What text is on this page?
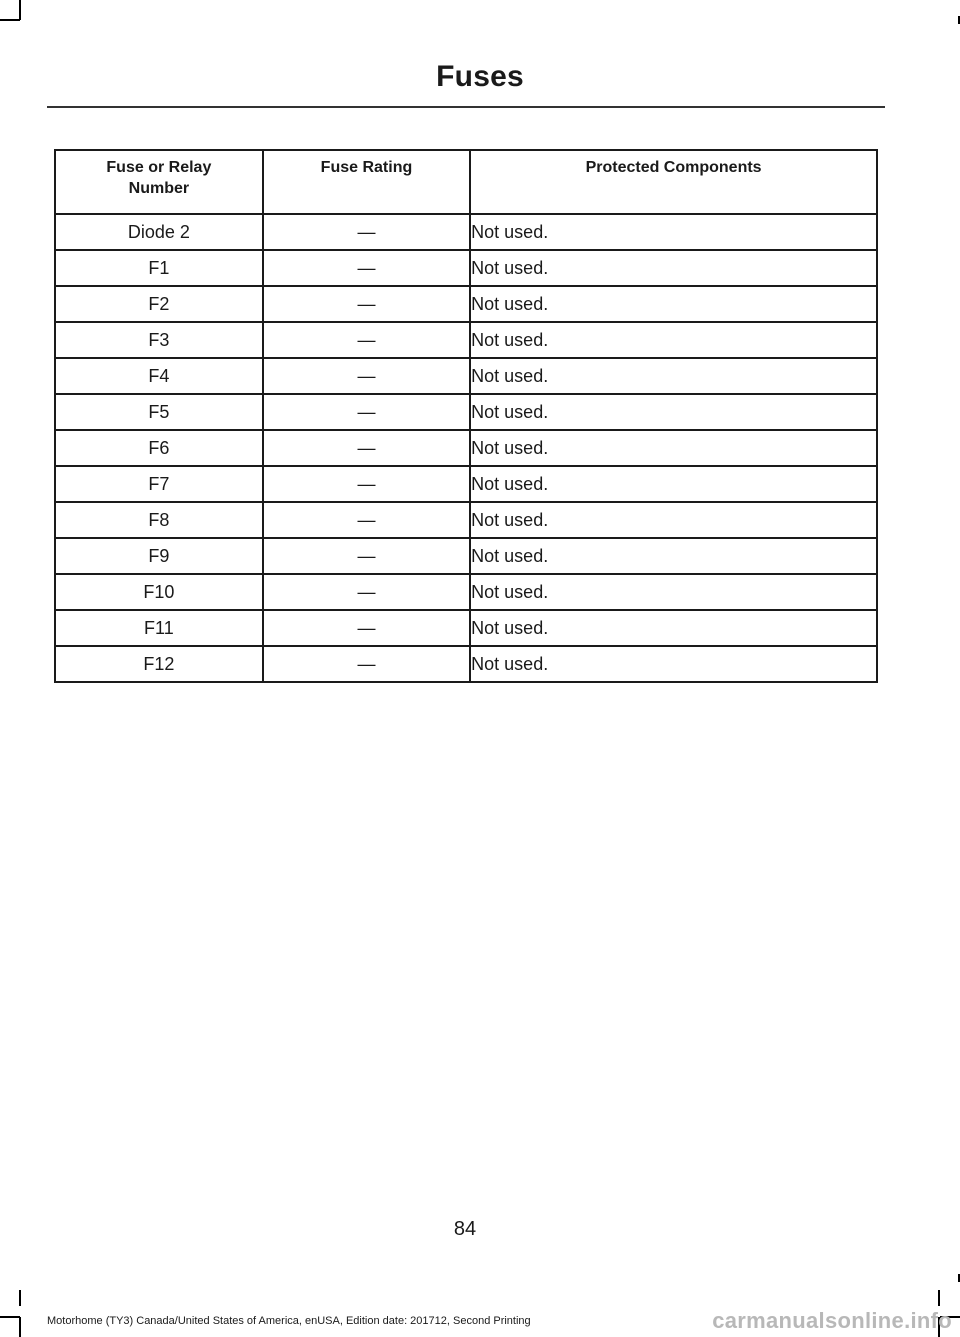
Fuses
Fuse or Relay Number	Fuse Rating	Protected Components
Diode 2	—	Not used.
F1	—	Not used.
F2	—	Not used.
F3	—	Not used.
F4	—	Not used.
F5	—	Not used.
F6	—	Not used.
F7	—	Not used.
F8	—	Not used.
F9	—	Not used.
F10	—	Not used.
F11	—	Not used.
F12	—	Not used.
84
Motorhome (TY3) Canada/United States of America, enUSA, Edition date: 201712, Second Printing	carmanualsonline.info
